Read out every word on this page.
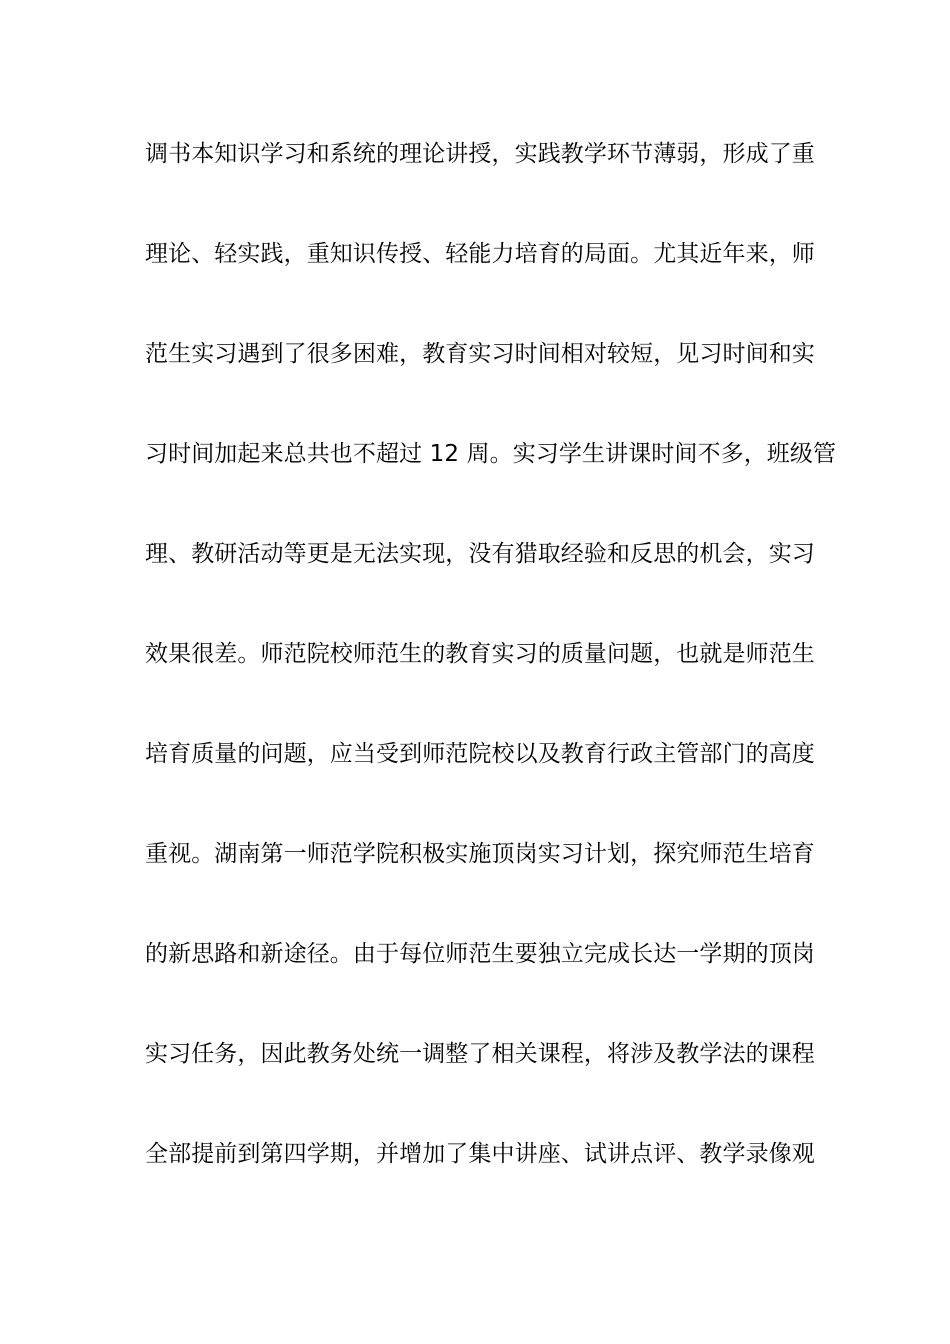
调书本知识学习和系统的理论讲授，实践教学环节薄弱，形成了重
理论、轻实践，重知识传授、轻能力培育的局面。尤其近年来，师
范生实习遇到了很多困难，教育实习时间相对较短，见习时间和实
习时间加起来总共也不超过 12 周。实习学生讲课时间不多，班级管
理、教研活动等更是无法实现，没有猎取经验和反思的机会，实习
效果很差。师范院校师范生的教育实习的质量问题，也就是师范生
培育质量的问题，应当受到师范院校以及教育行政主管部门的高度
重视。湖南第一师范学院积极实施顶岗实习计划，探究师范生培育
的新思路和新途径。由于每位师范生要独立完成长达一学期的顶岗
实习任务，因此教务处统一调整了相关课程，将涉及教学法的课程
全部提前到第四学期，并增加了集中讲座、试讲点评、教学录像观
